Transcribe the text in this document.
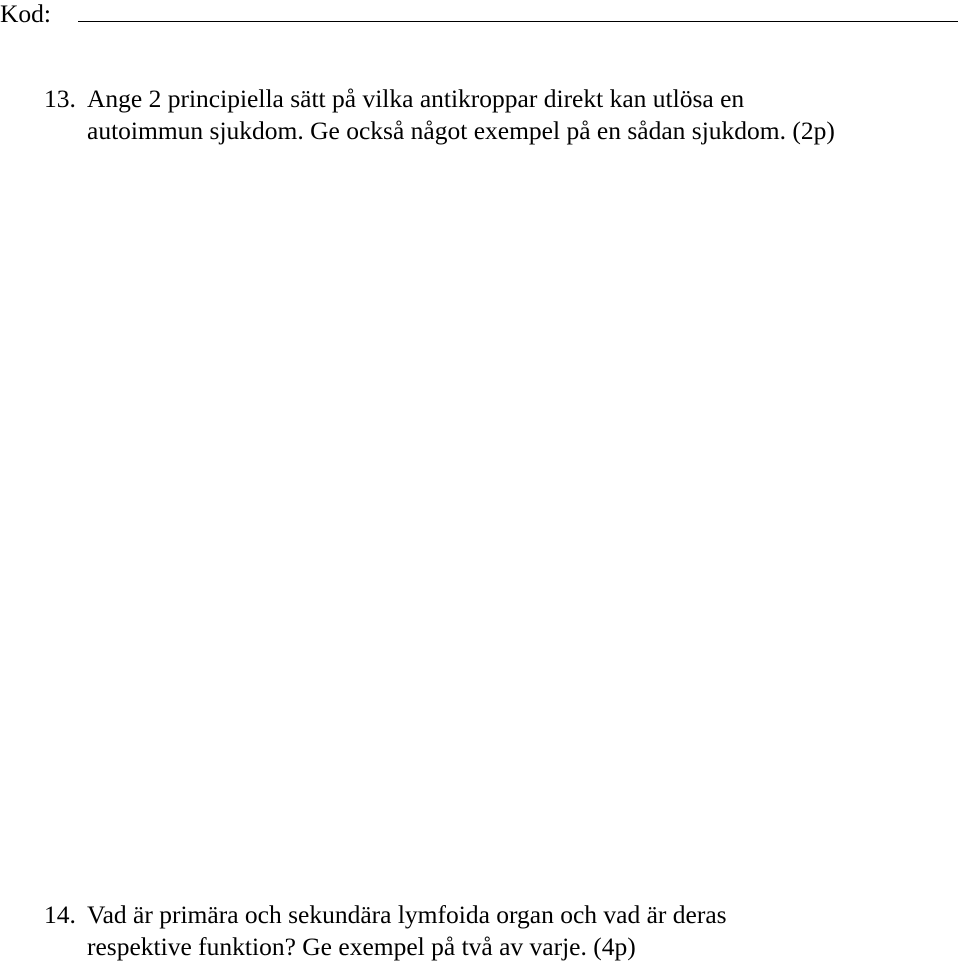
Kod:
13. Ange 2 principiella sätt på vilka antikroppar direkt kan utlösa en
autoimmun sjukdom. Ge också något exempel på en sådan sjukdom. (2p)
14. Vad är primära och sekundära lymfoida organ och vad är deras
respektive funktion? Ge exempel på två av varje. (4p)
